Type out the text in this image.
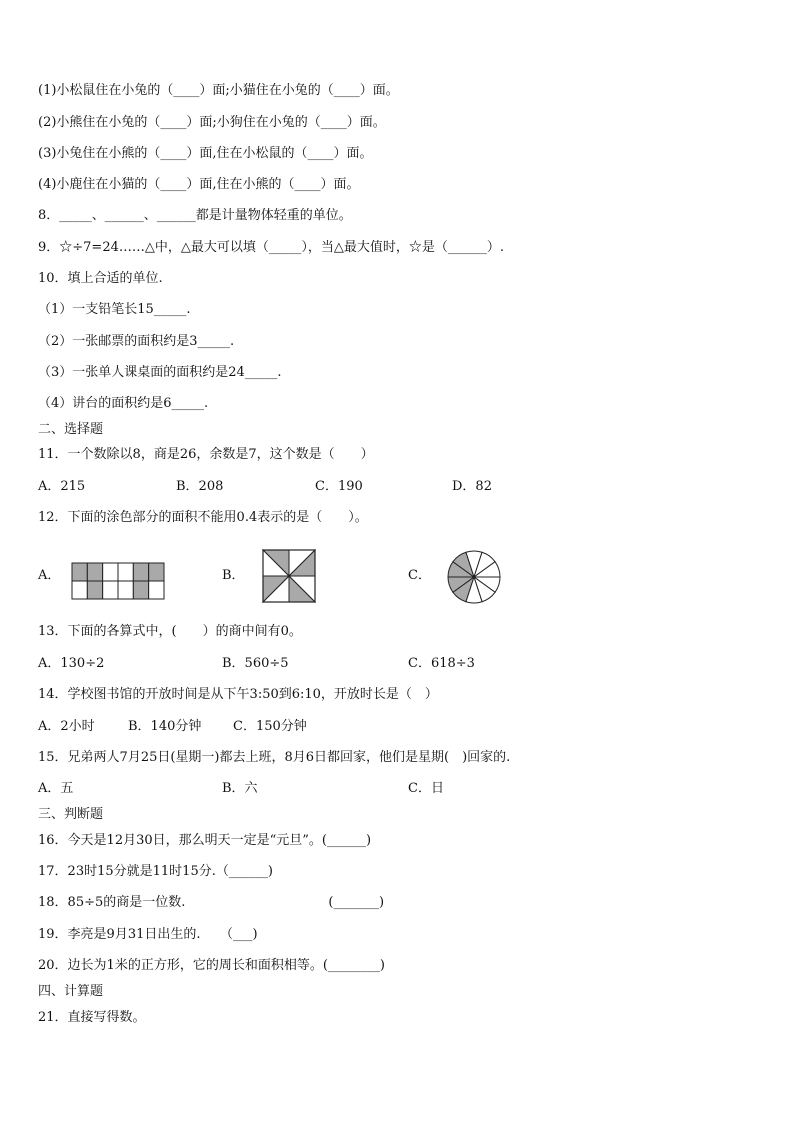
(1)小松鼠住在小兔的（____）面;小猫住在小兔的（____）面。
(2)小熊住在小兔的（____）面;小狗住在小兔的（____）面。
(3)小兔住在小熊的（____）面,住在小松鼠的（____）面。
(4)小鹿住在小猫的（____）面,住在小熊的（____）面。
8．_____、______、______都是计量物体轻重的单位。
9．☆÷7=24……△中，△最大可以填（_____），当△最大值时，☆是（______）.
10．填上合适的单位.
（1）一支铅笔长15_____.
（2）一张邮票的面积约是3_____.
（3）一张单人课桌面的面积约是24_____.
（4）讲台的面积约是6_____.
二、选择题
11．一个数除以8，商是26，余数是7，这个数是（　　）
A．215	B．208	C．190	D．82
12．下面的涂色部分的面积不能用0.4表示的是（　　）。
A．	B．	C．
13．下面的各算式中，(　　）的商中间有0。
A．130÷2	B．560÷5	C．618÷3
14．学校图书馆的开放时间是从下午3:50到6:10，开放时长是（　）
A．2小时	B．140分钟 C．150分钟
15．兄弟两人7月25日(星期一)都去上班，8月6日都回家，他们是星期(　)回家的.
A．五	B．六	C．日
三、判断题
16．今天是12月30日，那么明天一定是“元旦”。(______)
17．23时15分就是11时15分.（______)
18．85÷5的商是一位数.　　　　　　　　　　　(_______)
19．李亮是9月31日出生的.　　（___)
20．边长为1米的正方形，它的周长和面积相等。(________)
四、计算题
21．直接写得数。
